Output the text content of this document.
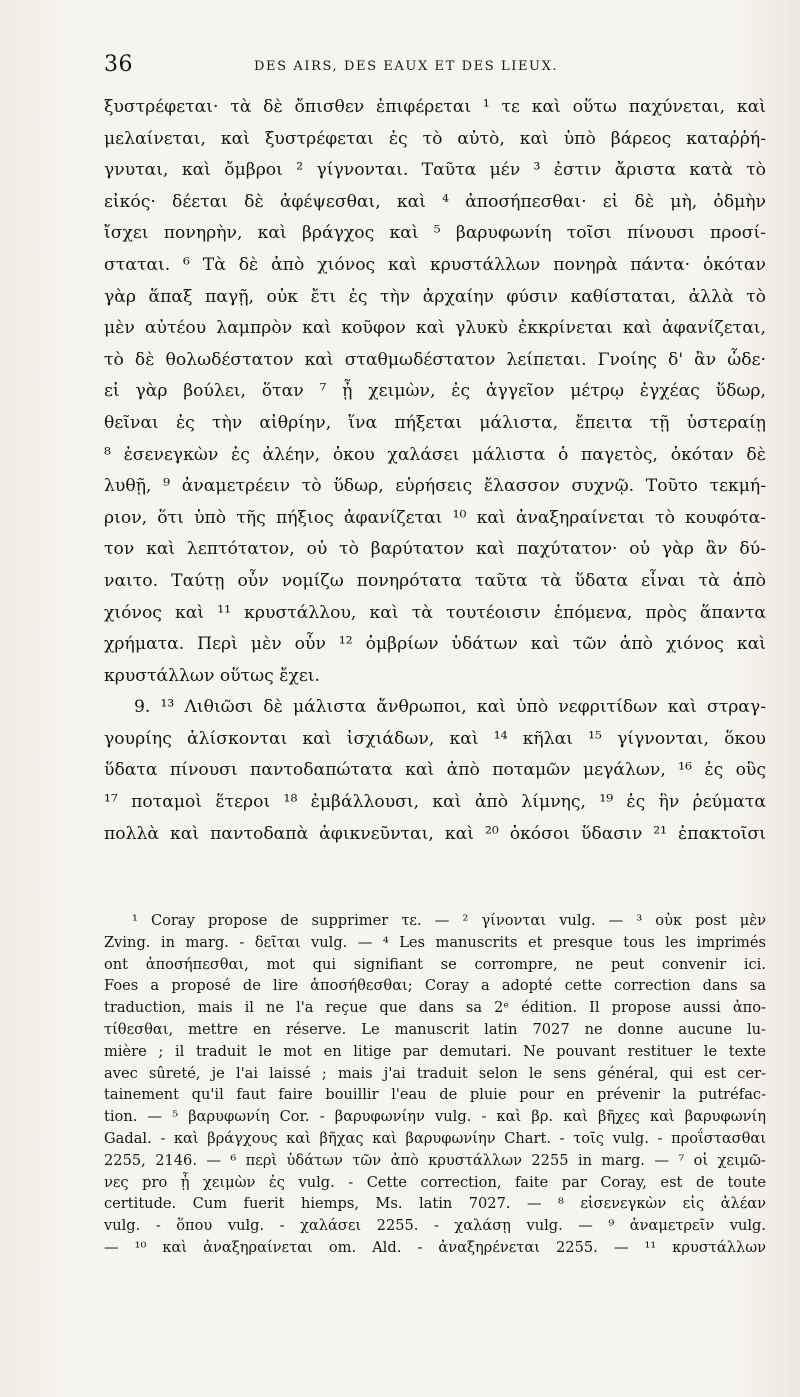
36	DES AIRS, DES EAUX ET DES LIEUX.
ξυστρέφεται· τὰ δὲ ὄπισθεν ἐπιφέρεται ¹ τε καὶ οὕτω παχύνεται, καὶ
μελαίνεται, καὶ ξυστρέφεται ἐς τὸ αὐτὸ, καὶ ὑπὸ βάρεος καταῤῥή-
γνυται, καὶ ὄμβροι ² γίγνονται. Ταῦτα μέν ³ ἐστιν ἄριστα κατὰ τὸ
εἰκός· δέεται δὲ ἀφέψεσθαι, καὶ ⁴ ἀποσήπεσθαι· εἰ δὲ μὴ, ὀδμὴν
ἴσχει πονηρὴν, καὶ βράγχος καὶ ⁵ βαρυφωνίη τοῖσι πίνουσι προσί-
σταται. ⁶ Τὰ δὲ ἀπὸ χιόνος καὶ κρυστάλλων πονηρὰ πάντα· ὁκόταν
γὰρ ἅπαξ παγῇ, οὐκ ἔτι ἐς τὴν ἀρχαίην φύσιν καθίσταται, ἀλλὰ τὸ
μὲν αὐτέου λαμπρὸν καὶ κοῦφον καὶ γλυκὺ ἐκκρίνεται καὶ ἀφανίζεται,
τὸ δὲ θολωδέστατον καὶ σταθμωδέστατον λείπεται. Γνοίης δ' ἂν ὧδε·
εἰ γὰρ βούλει, ὅταν ⁷ ᾖ χειμὼν, ἐς ἀγγεῖον μέτρῳ ἐγχέας ὕδωρ,
θεῖναι ἐς τὴν αἰθρίην, ἵνα πήξεται μάλιστα, ἔπειτα τῇ ὑστεραίῃ
⁸ ἐσενεγκὼν ἐς ἀλέην, ὁκου χαλάσει μάλιστα ὁ παγετὸς, ὁκόταν δὲ
λυθῇ, ⁹ ἀναμετρέειν τὸ ὕδωρ, εὑρήσεις ἔλασσον συχνῷ. Τοῦτο τεκμή-
ριον, ὅτι ὑπὸ τῆς πήξιος ἀφανίζεται ¹⁰ καὶ ἀναξηραίνεται τὸ κουφότα-
τον καὶ λεπτότατον, οὐ τὸ βαρύτατον καὶ παχύτατον· οὐ γὰρ ἂν δύ-
ναιτο. Ταύτῃ οὖν νομίζω πονηρότατα ταῦτα τὰ ὕδατα εἶναι τὰ ἀπὸ
χιόνος καὶ ¹¹ κρυστάλλου, καὶ τὰ τουτέοισιν ἑπόμενα, πρὸς ἅπαντα
χρήματα. Περὶ μὲν οὖν ¹² ὀμβρίων ὑδάτων καὶ τῶν ἀπὸ χιόνος καὶ
κρυστάλλων οὕτως ἔχει.
9. ¹³ Λιθιῶσι δὲ μάλιστα ἄνθρωποι, καὶ ὑπὸ νεφριτίδων καὶ στραγ-
γουρίης ἁλίσκονται καὶ ἰσχιάδων, καὶ ¹⁴ κῆλαι ¹⁵ γίγνονται, ὅκου
ὕδατα πίνουσι παντοδαπώτατα καὶ ἀπὸ ποταμῶν μεγάλων, ¹⁶ ἐς οὓς
¹⁷ ποταμοὶ ἕτεροι ¹⁸ ἐμβάλλουσι, καὶ ἀπὸ λίμνης, ¹⁹ ἐς ἣν ῥεύματα
πολλὰ καὶ παντοδαπὰ ἀφικνεῦνται, καὶ ²⁰ ὁκόσοι ὕδασιν ²¹ ἐπακτοῖσι
¹ Coray propose de supprimer τε. — ² γίνονται vulg. — ³ οὐκ post μὲν
Zving. in marg. - δεῖται vulg. — ⁴ Les manuscrits et presque tous les imprimés
ont ἀποσήπεσθαι, mot qui signifiant se corrompre, ne peut convenir ici.
Foes a proposé de lire ἀποσήθεσθαι; Coray a adopté cette correction dans sa
traduction, mais il ne l'a reçue que dans sa 2ᵉ édition. Il propose aussi ἀπο-
τίθεσθαι, mettre en réserve. Le manuscrit latin 7027 ne donne aucune lu-
mière ; il traduit le mot en litige par demutari. Ne pouvant restituer le texte
avec sûreté, je l'ai laissé ; mais j'ai traduit selon le sens général, qui est cer-
tainement qu'il faut faire bouillir l'eau de pluie pour en prévenir la putréfac-
tion. — ⁵ βαρυφωνίη Cor. - βαρυφωνίην vulg. - καὶ βρ. καὶ βῆχες καὶ βαρυφωνίη
Gadal. - καὶ βράγχους καὶ βῆχας καὶ βαρυφωνίην Chart. - τοῖς vulg. - προΐστασθαι
2255, 2146. — ⁶ περὶ ὑδάτων τῶν ἀπὸ κρυστάλλων 2255 in marg. — ⁷ οἱ χειμῶ-
νες pro ᾖ χειμὼν ἐς vulg. - Cette correction, faite par Coray, est de toute
certitude. Cum fuerit hiemps, Ms. latin 7027. — ⁸ εἰσενεγκὼν εἰς ἀλέαν
vulg. - ὅπου vulg. - χαλάσει 2255. - χαλάσῃ vulg. — ⁹ ἀναμετρεῖν vulg.
— ¹⁰ καὶ ἀναξηραίνεται om. Ald. - ἀναξηρένεται 2255. — ¹¹ κρυστάλλων
